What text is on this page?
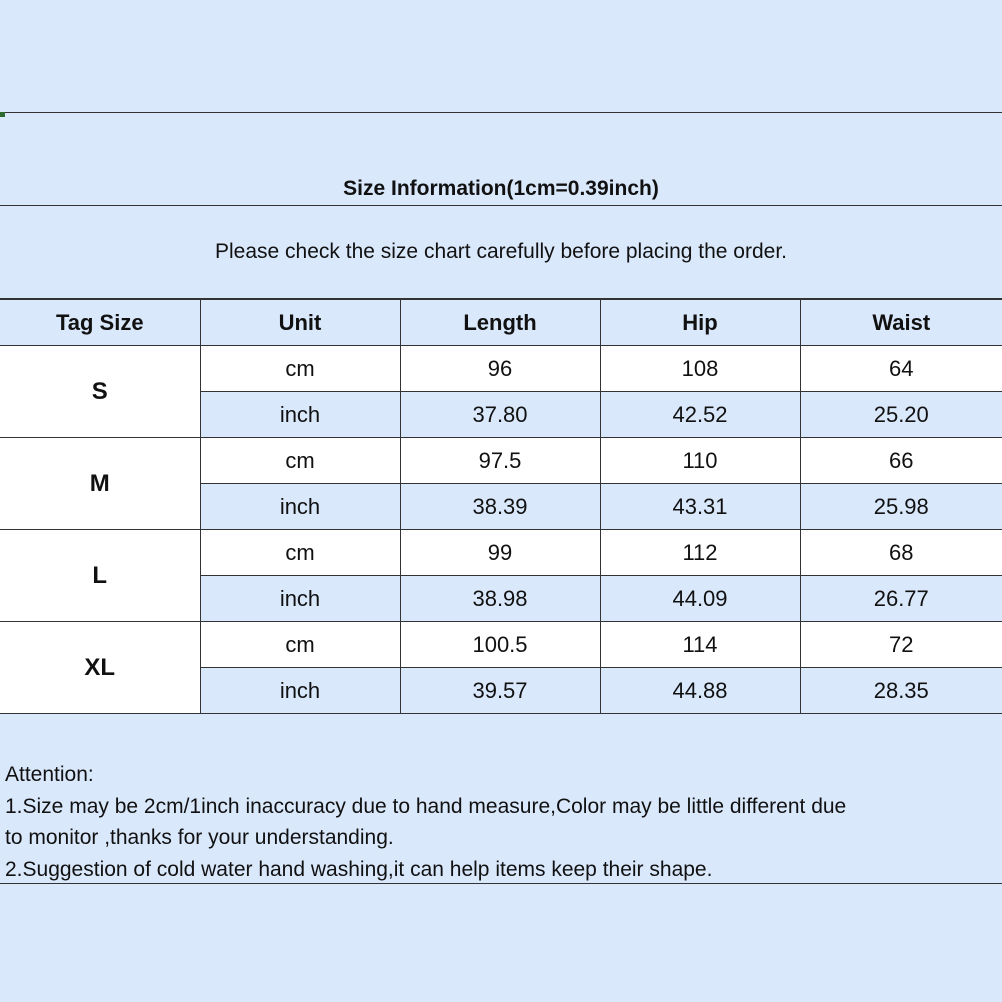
Size Information(1cm=0.39inch)
Please check the size chart carefully before placing the order.
Tag Size	Unit	Length	Hip	Waist
S	cm	96	108	64
	inch	37.80	42.52	25.20
M	cm	97.5	110	66
	inch	38.39	43.31	25.98
L	cm	99	112	68
	inch	38.98	44.09	26.77
XL	cm	100.5	114	72
	inch	39.57	44.88	28.35
Attention:
1.Size may be 2cm/1inch inaccuracy due to hand measure,Color may be little different due
to monitor ,thanks for your understanding.
2.Suggestion of cold water hand washing,it can help items keep their shape.
